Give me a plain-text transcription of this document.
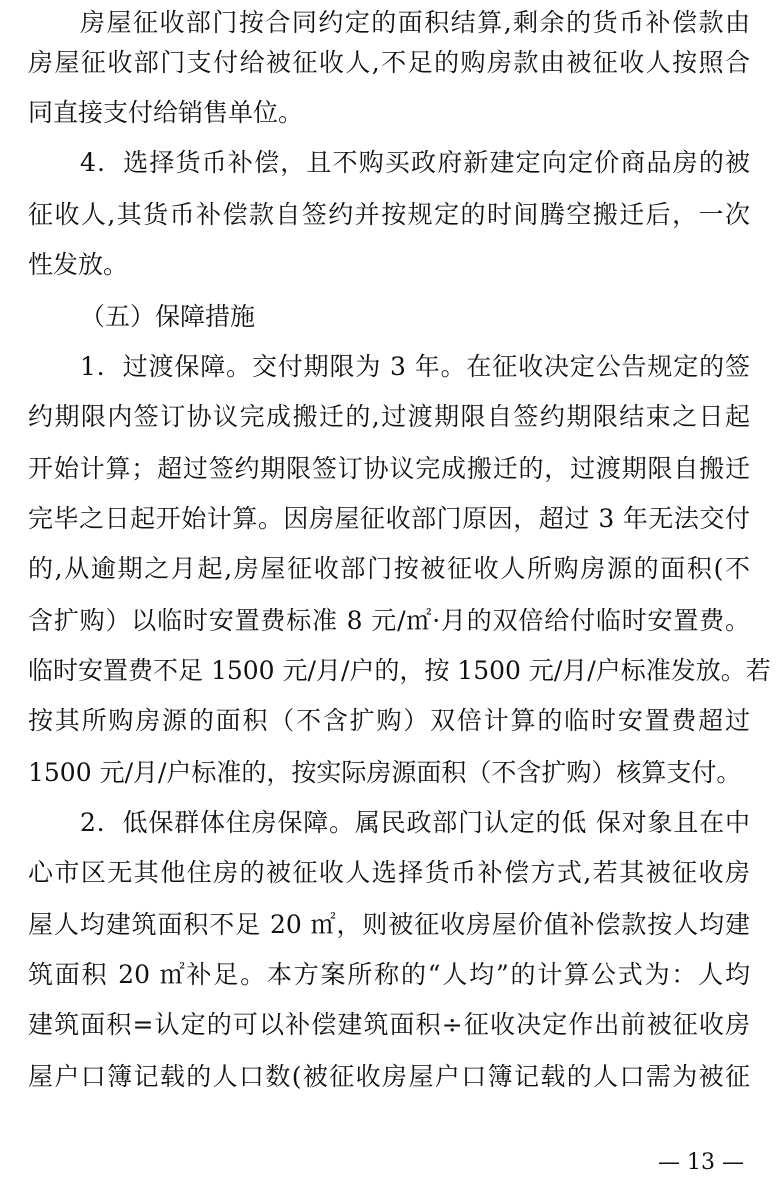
房屋征收部门按合同约定的面积结算,剩余的货币补偿款由
房屋征收部门支付给被征收人,不足的购房款由被征收人按照合
同直接支付给销售单位。
4．选择货币补偿，且不购买政府新建定向定价商品房的被
征收人,其货币补偿款自签约并按规定的时间腾空搬迁后，一次
性发放。
（五）保障措施
1．过渡保障。交付期限为 3 年。在征收决定公告规定的签
约期限内签订协议完成搬迁的,过渡期限自签约期限结束之日起
开始计算；超过签约期限签订协议完成搬迁的，过渡期限自搬迁
完毕之日起开始计算。因房屋征收部门原因，超过 3 年无法交付
的,从逾期之月起,房屋征收部门按被征收人所购房源的面积(不
含扩购）以临时安置费标准 8 元/㎡·月的双倍给付临时安置费。
临时安置费不足 1500 元/月/户的，按 1500 元/月/户标准发放。若
按其所购房源的面积（不含扩购）双倍计算的临时安置费超过
1500 元/月/户标准的，按实际房源面积（不含扩购）核算支付。
2．低保群体住房保障。属民政部门认定的低 保对象且在中
心市区无其他住房的被征收人选择货币补偿方式,若其被征收房
屋人均建筑面积不足 20 ㎡，则被征收房屋价值补偿款按人均建
筑面积 20 ㎡补足。本方案所称的“人均”的计算公式为：人均
建筑面积=认定的可以补偿建筑面积÷征收决定作出前被征收房
屋户口簿记载的人口数(被征收房屋户口簿记载的人口需为被征
— 13 —
